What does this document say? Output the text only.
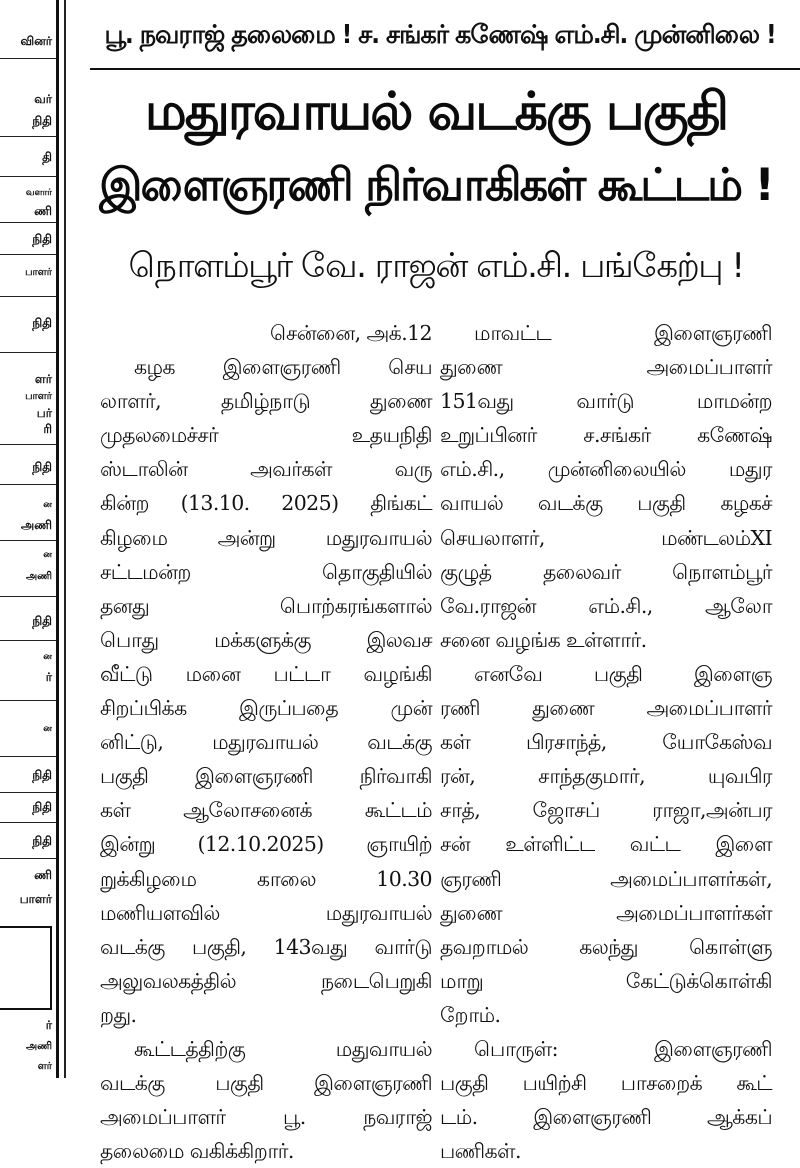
வினர்
வர்
நிதி
தி
வளார்
ணி
நிதி
பாளர்
நிதி
ளர்
பாளர்
பர்
ரி
நிதி
ன
அணி
ன
அணி
நிதி
ன
ர்
ன
நிதி
நிதி
நிதி
ணி
பாளர்
ர்
அணி
ளர்
பூ. நவராஜ் தலைமை ! ச. சங்கர் கணேஷ் எம்.சி. முன்னிலை !
மதுரவாயல் வடக்கு பகுதி
இளைஞரணி நிர்வாகிகள் கூட்டம் !
நொளம்பூர் வே. ராஜன் எம்.சி. பங்கேற்பு !
சென்னை, அக்.12
கழக இளைஞரணி செய
லாளர், தமிழ்நாடு துணை
முதலமைச்சர் உதயநிதி
ஸ்டாலின் அவர்கள் வரு
கின்ற (13.10. 2025) திங்கட்
கிழமை அன்று மதுரவாயல்
சட்டமன்ற தொகுதியில்
தனது பொற்கரங்களால்
பொது மக்களுக்கு இலவச
வீட்டு மனை பட்டா வழங்கி
சிறப்பிக்க இருப்பதை முன்
னிட்டு, மதுரவாயல் வடக்கு
பகுதி இளைஞரணி நிர்வாகி
கள் ஆலோசனைக் கூட்டம்
இன்று (12.10.2025) ஞாயிற்
றுக்கிழமை காலை 10.30
மணியளவில் மதுரவாயல்
வடக்கு பகுதி, 143வது வார்டு
அலுவலகத்தில் நடைபெறுகி
றது.
கூட்டத்திற்கு மதுவாயல்
வடக்கு பகுதி இளைஞரணி
அமைப்பாளர் பூ. நவராஜ்
தலைமை வகிக்கிறார்.
மாவட்ட இளைஞரணி
துணை அமைப்பாளர்
151வது வார்டு மாமன்ற
உறுப்பினர் ச.சங்கர் கணேஷ்
எம்.சி., முன்னிலையில் மதுர
வாயல் வடக்கு பகுதி கழகச்
செயலாளர், மண்டலம்XI
குழுத் தலைவர் நொளம்பூர்
வே.ராஜன் எம்.சி., ஆலோ
சனை வழங்க உள்ளார்.
எனவே பகுதி இளைஞ
ரணி துணை அமைப்பாளர்
கள் பிரசாந்த், யோகேஸ்வ
ரன், சாந்தகுமார், யுவபிர
சாத், ஜோசப் ராஜா,அன்பர
சன் உள்ளிட்ட வட்ட இளை
ஞரணி அமைப்பாளர்கள்,
துணை அமைப்பாளர்கள்
தவறாமல் கலந்து கொள்ளு
மாறு கேட்டுக்கொள்கி
றோம்.
பொருள்: இளைஞரணி
பகுதி பயிற்சி பாசறைக் கூட்
டம். இளைஞரணி ஆக்கப்
பணிகள்.
